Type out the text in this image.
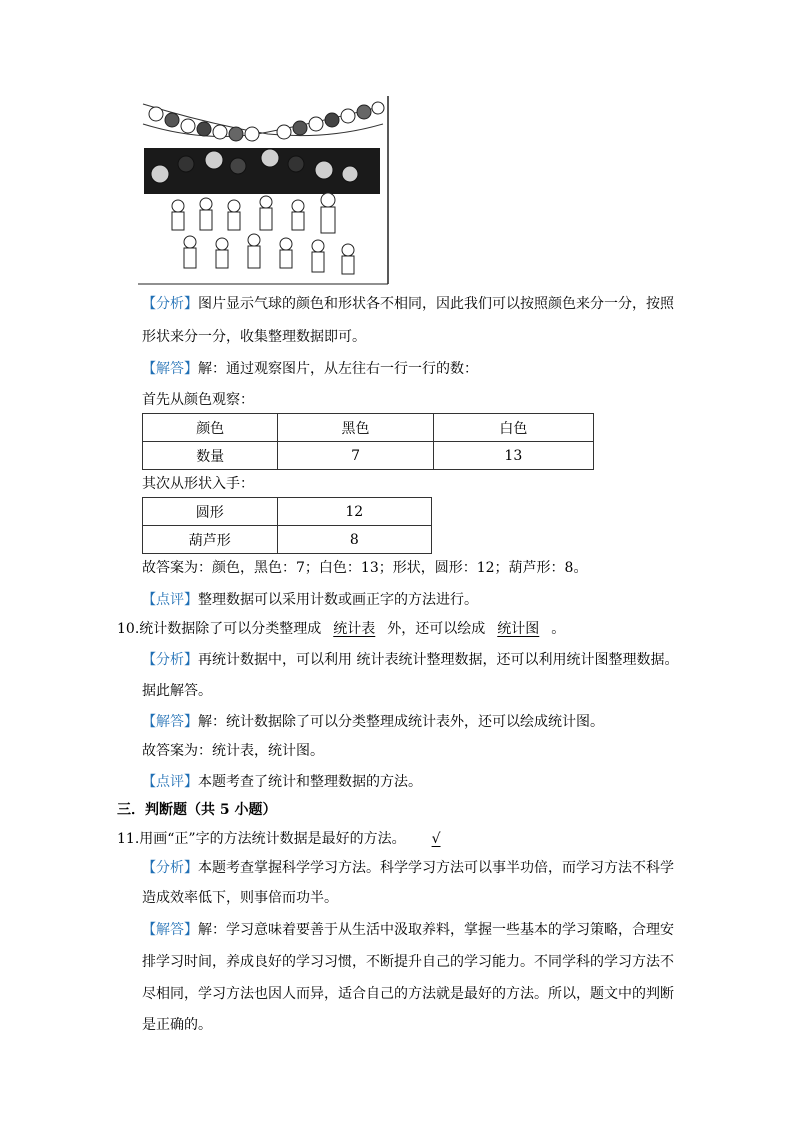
【分析】图片显示气球的颜色和形状各不相同，因此我们可以按照颜色来分一分，按照
形状来分一分，收集整理数据即可。
【解答】解：通过观察图片，从左往右一行一行的数：
首先从颜色观察：
颜色	黑色	白色
数量	7	13
其次从形状入手：
圆形	12
葫芦形	8
故答案为：颜色，黑色：7；白色：13；形状，圆形：12；葫芦形：8。
【点评】整理数据可以采用计数或画正字的方法进行。
10.统计数据除了可以分类整理成 统计表 外，还可以绘成 统计图 。
【分析】再统计数据中，可以利用 统计表统计整理数据，还可以利用统计图整理数据。
据此解答。
【解答】解：统计数据除了可以分类整理成统计表外，还可以绘成统计图。
故答案为：统计表，统计图。
【点评】本题考查了统计和整理数据的方法。
三．判断题（共 5 小题）
11.用画“正”字的方法统计数据是最好的方法。 √
【分析】本题考查掌握科学学习方法。科学学习方法可以事半功倍，而学习方法不科学
造成效率低下，则事倍而功半。
【解答】解：学习意味着要善于从生活中汲取养料，掌握一些基本的学习策略，合理安
排学习时间，养成良好的学习习惯，不断提升自己的学习能力。不同学科的学习方法不
尽相同，学习方法也因人而异，适合自己的方法就是最好的方法。所以，题文中的判断
是正确的。
